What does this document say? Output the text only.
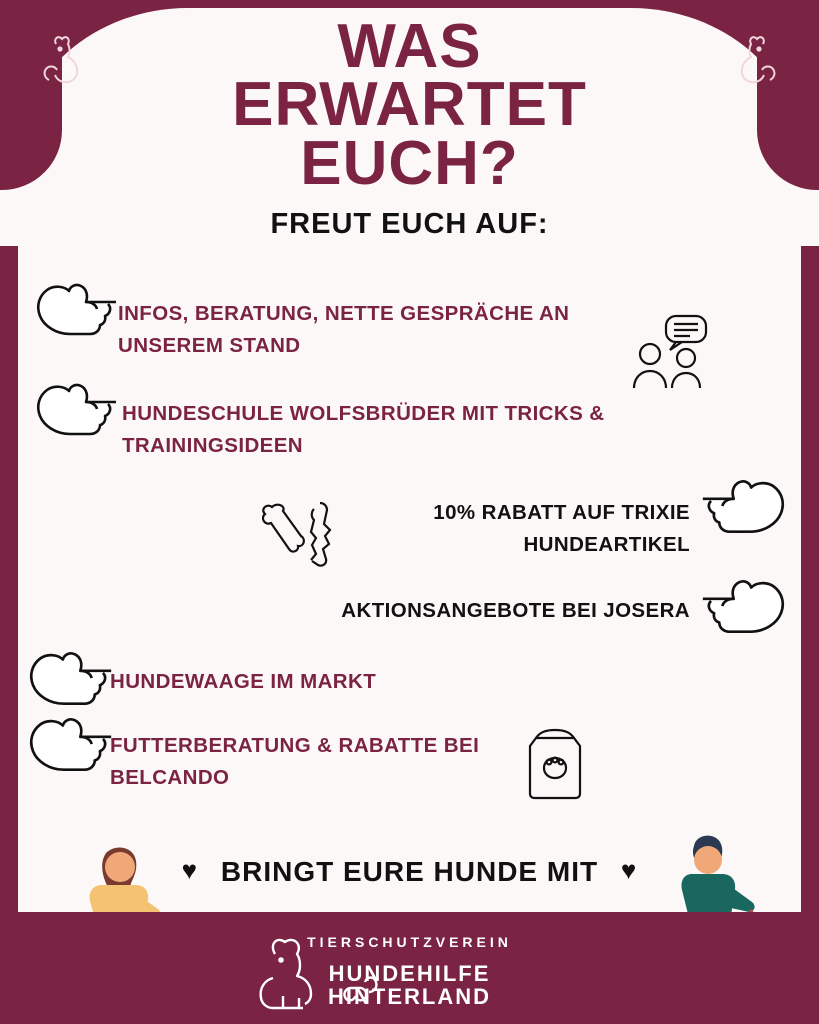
WAS
ERWARTET
EUCH?
FREUT EUCH AUF:
INFOS, BERATUNG, NETTE GESPRÄCHE AN UNSEREM STAND
HUNDESCHULE WOLFSBRÜDER MIT TRICKS & TRAININGSIDEEN
10% RABATT AUF TRIXIE HUNDEARTIKEL
AKTIONSANGEBOTE BEI JOSERA
HUNDEWAAGE IM MARKT
FUTTERBERATUNG & RABATTE BEI BELCANDO
♥ BRINGT EURE HUNDE MIT ♥
TIERSCHUTZVEREIN
HUNDEHILFE
HINTERLAND
